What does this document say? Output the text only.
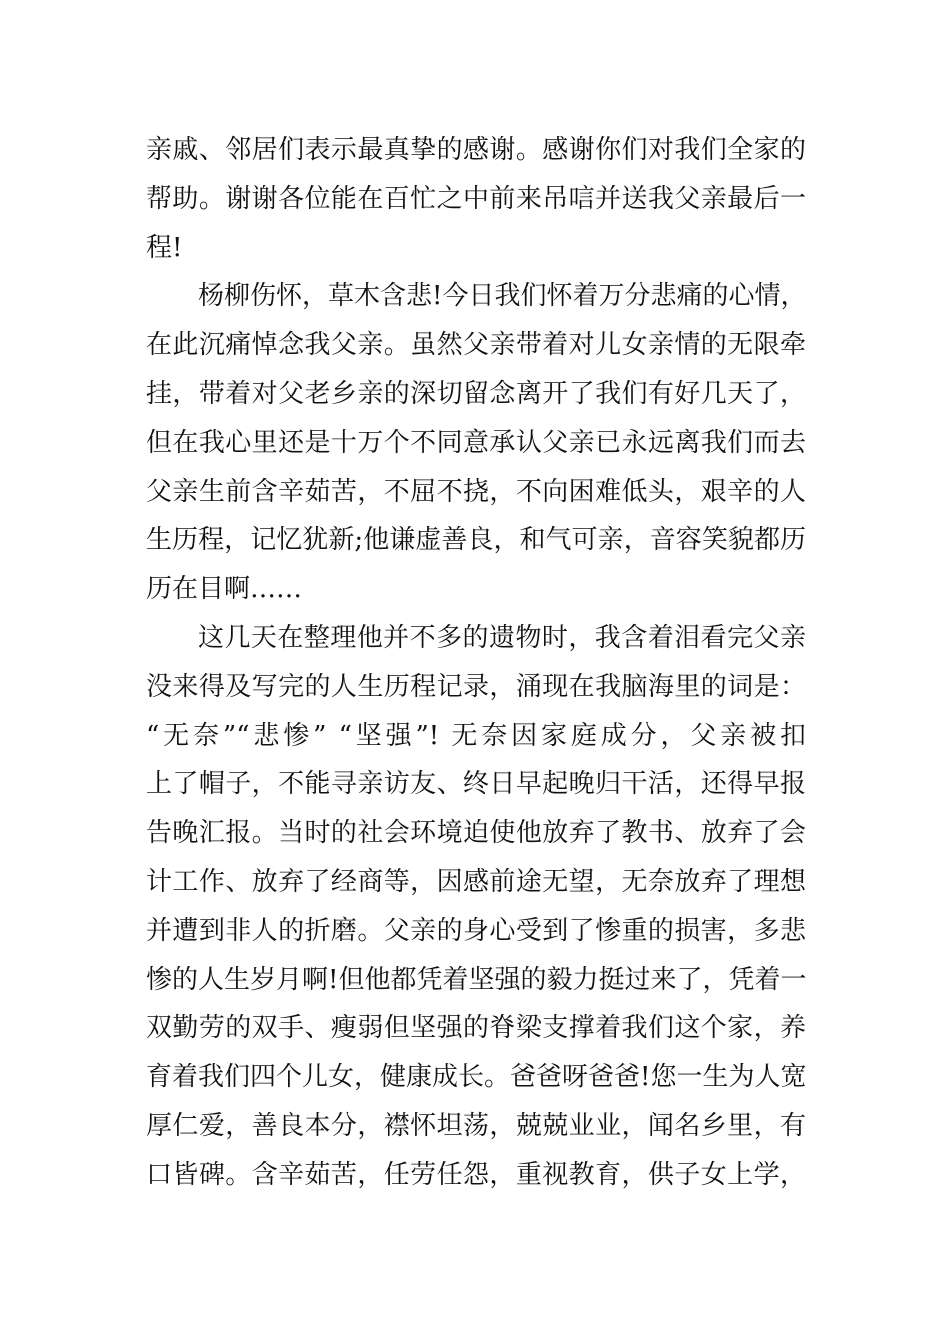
亲戚、邻居们表示最真挚的感谢。感谢你们对我们全家的
帮助。谢谢各位能在百忙之中前来吊唁并送我父亲最后一
程!
杨柳伤怀，草木含悲!今日我们怀着万分悲痛的心情，
在此沉痛悼念我父亲。虽然父亲带着对儿女亲情的无限牵
挂，带着对父老乡亲的深切留念离开了我们有好几天了，
但在我心里还是十万个不同意承认父亲已永远离我们而去
父亲生前含辛茹苦，不屈不挠，不向困难低头，艰辛的人
生历程，记忆犹新;他谦虚善良，和气可亲，音容笑貌都历
历在目啊……
这几天在整理他并不多的遗物时，我含着泪看完父亲
没来得及写完的人生历程记录，涌现在我脑海里的词是：
“无奈”“悲惨” “坚强”! 无奈因家庭成分，父亲被扣
上了帽子，不能寻亲访友、终日早起晚归干活，还得早报
告晚汇报。当时的社会环境迫使他放弃了教书、放弃了会
计工作、放弃了经商等，因感前途无望，无奈放弃了理想
并遭到非人的折磨。父亲的身心受到了惨重的损害，多悲
惨的人生岁月啊!但他都凭着坚强的毅力挺过来了，凭着一
双勤劳的双手、瘦弱但坚强的脊梁支撑着我们这个家，养
育着我们四个儿女，健康成长。爸爸呀爸爸!您一生为人宽
厚仁爱，善良本分，襟怀坦荡，兢兢业业，闻名乡里，有
口皆碑。含辛茹苦，任劳任怨，重视教育，供子女上学，
